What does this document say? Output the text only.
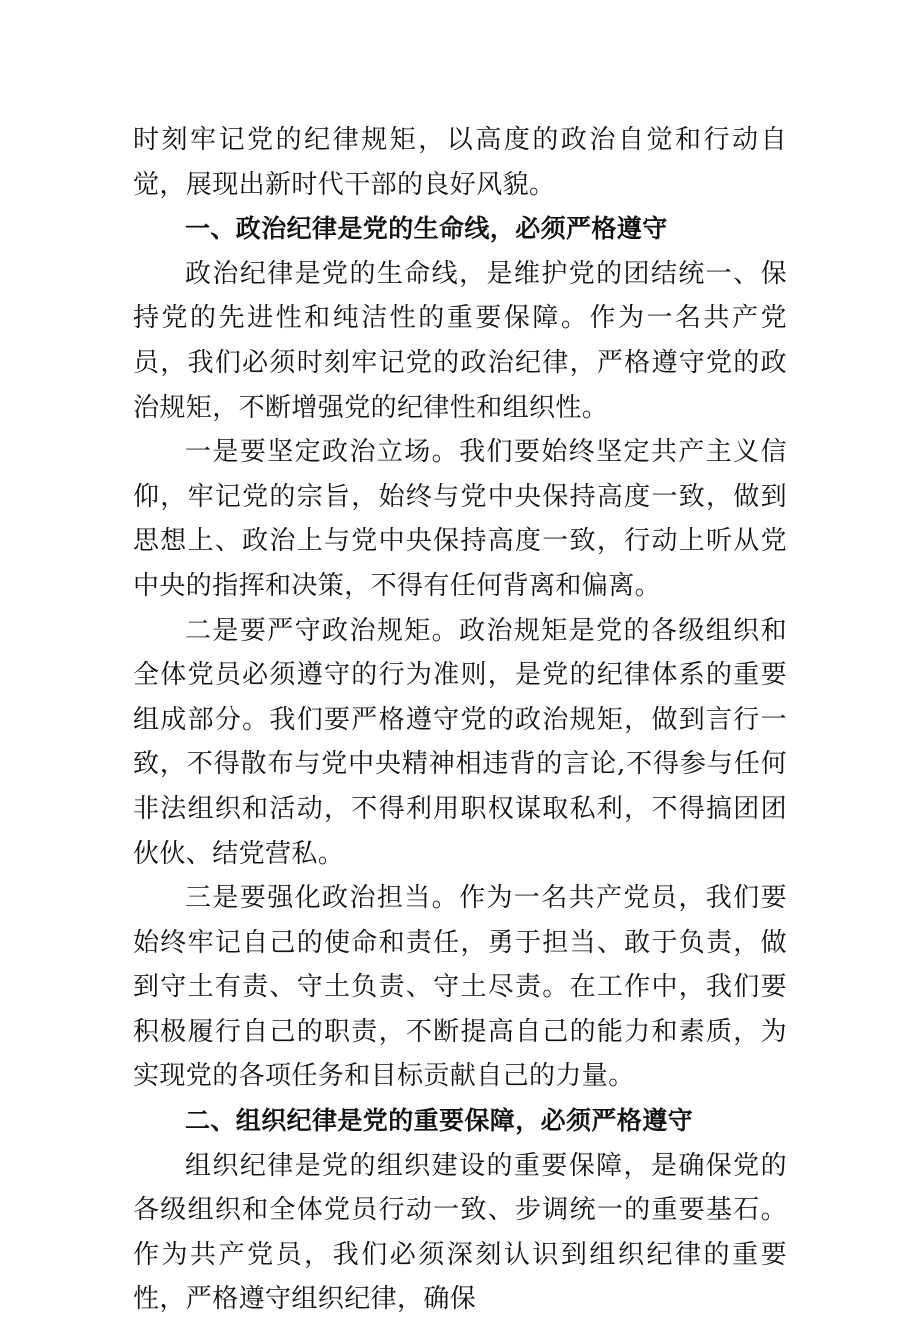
时刻牢记党的纪律规矩，以高度的政治自觉和行动自觉，展现出新时代干部的良好风貌。

一、政治纪律是党的生命线，必须严格遵守

政治纪律是党的生命线，是维护党的团结统一、保持党的先进性和纯洁性的重要保障。作为一名共产党员，我们必须时刻牢记党的政治纪律，严格遵守党的政治规矩，不断增强党的纪律性和组织性。

一是要坚定政治立场。我们要始终坚定共产主义信仰，牢记党的宗旨，始终与党中央保持高度一致，做到思想上、政治上与党中央保持高度一致，行动上听从党中央的指挥和决策，不得有任何背离和偏离。

二是要严守政治规矩。政治规矩是党的各级组织和全体党员必须遵守的行为准则，是党的纪律体系的重要组成部分。我们要严格遵守党的政治规矩，做到言行一致，不得散布与党中央精神相违背的言论,不得参与任何非法组织和活动，不得利用职权谋取私利，不得搞团团伙伙、结党营私。

三是要强化政治担当。作为一名共产党员，我们要始终牢记自己的使命和责任，勇于担当、敢于负责，做到守土有责、守土负责、守土尽责。在工作中，我们要积极履行自己的职责，不断提高自己的能力和素质，为实现党的各项任务和目标贡献自己的力量。

二、组织纪律是党的重要保障，必须严格遵守

组织纪律是党的组织建设的重要保障，是确保党的各级组织和全体党员行动一致、步调统一的重要基石。作为共产党员，我们必须深刻认识到组织纪律的重要性，严格遵守组织纪律，确保
